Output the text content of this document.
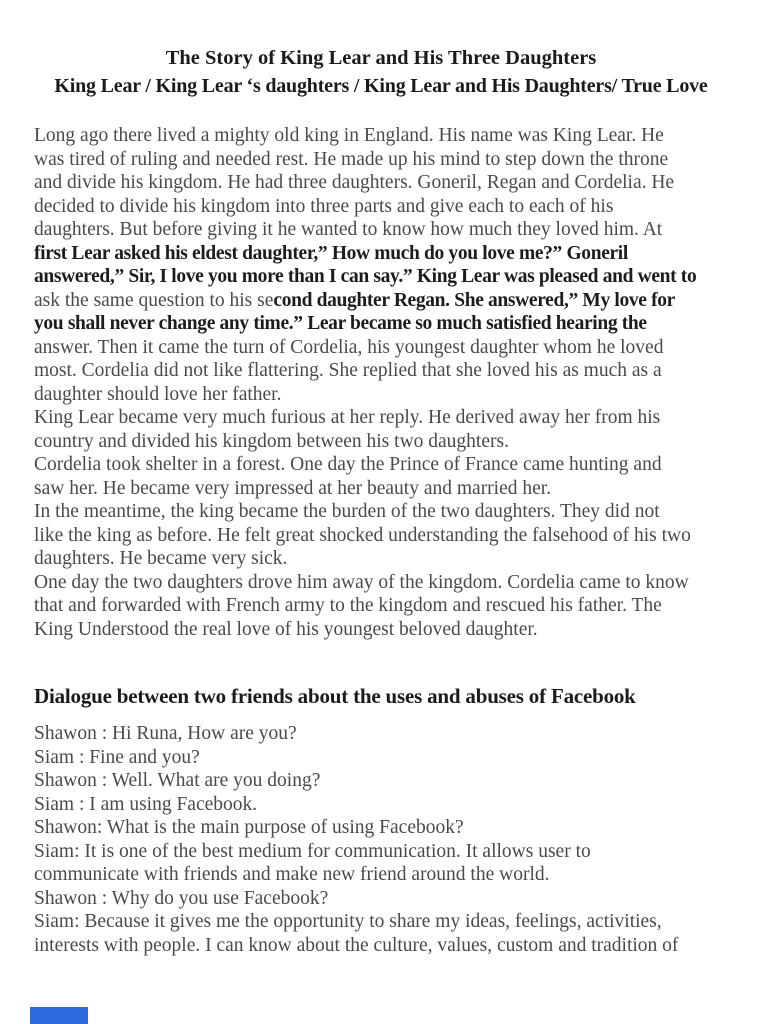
The Story of King Lear and His Three Daughters
King Lear / King Lear ‘s daughters / King Lear and His Daughters/ True Love
Long ago there lived a mighty old king in England. His name was King Lear. He
was tired of ruling and needed rest. He made up his mind to step down the throne
and divide his kingdom. He had three daughters. Goneril, Regan and Cordelia. He
decided to divide his kingdom into three parts and give each to each of his
daughters. But before giving it he wanted to know how much they loved him. At
first Lear asked his eldest daughter,” How much do you love me?” Goneril
answered,” Sir, I love you more than I can say.” King Lear was pleased and went to
ask the same question to his second daughter Regan. She answered,” My love for
you shall never change any time.” Lear became so much satisfied hearing the
answer. Then it came the turn of Cordelia, his youngest daughter whom he loved
most. Cordelia did not like flattering. She replied that she loved his as much as a
daughter should love her father.
King Lear became very much furious at her reply. He derived away her from his
country and divided his kingdom between his two daughters.
Cordelia took shelter in a forest. One day the Prince of France came hunting and
saw her. He became very impressed at her beauty and married her.
In the meantime, the king became the burden of the two daughters. They did not
like the king as before. He felt great shocked understanding the falsehood of his two
daughters. He became very sick.
One day the two daughters drove him away of the kingdom. Cordelia came to know
that and forwarded with French army to the kingdom and rescued his father. The
King Understood the real love of his youngest beloved daughter.
Dialogue between two friends about the uses and abuses of Facebook
Shawon : Hi Runa, How are you?
Siam : Fine and you?
Shawon : Well. What are you doing?
Siam : I am using Facebook.
Shawon: What is the main purpose of using Facebook?
Siam: It is one of the best medium for communication. It allows user to
communicate with friends and make new friend around the world.
Shawon : Why do you use Facebook?
Siam: Because it gives me the opportunity to share my ideas, feelings, activities,
interests with people. I can know about the culture, values, custom and tradition of
